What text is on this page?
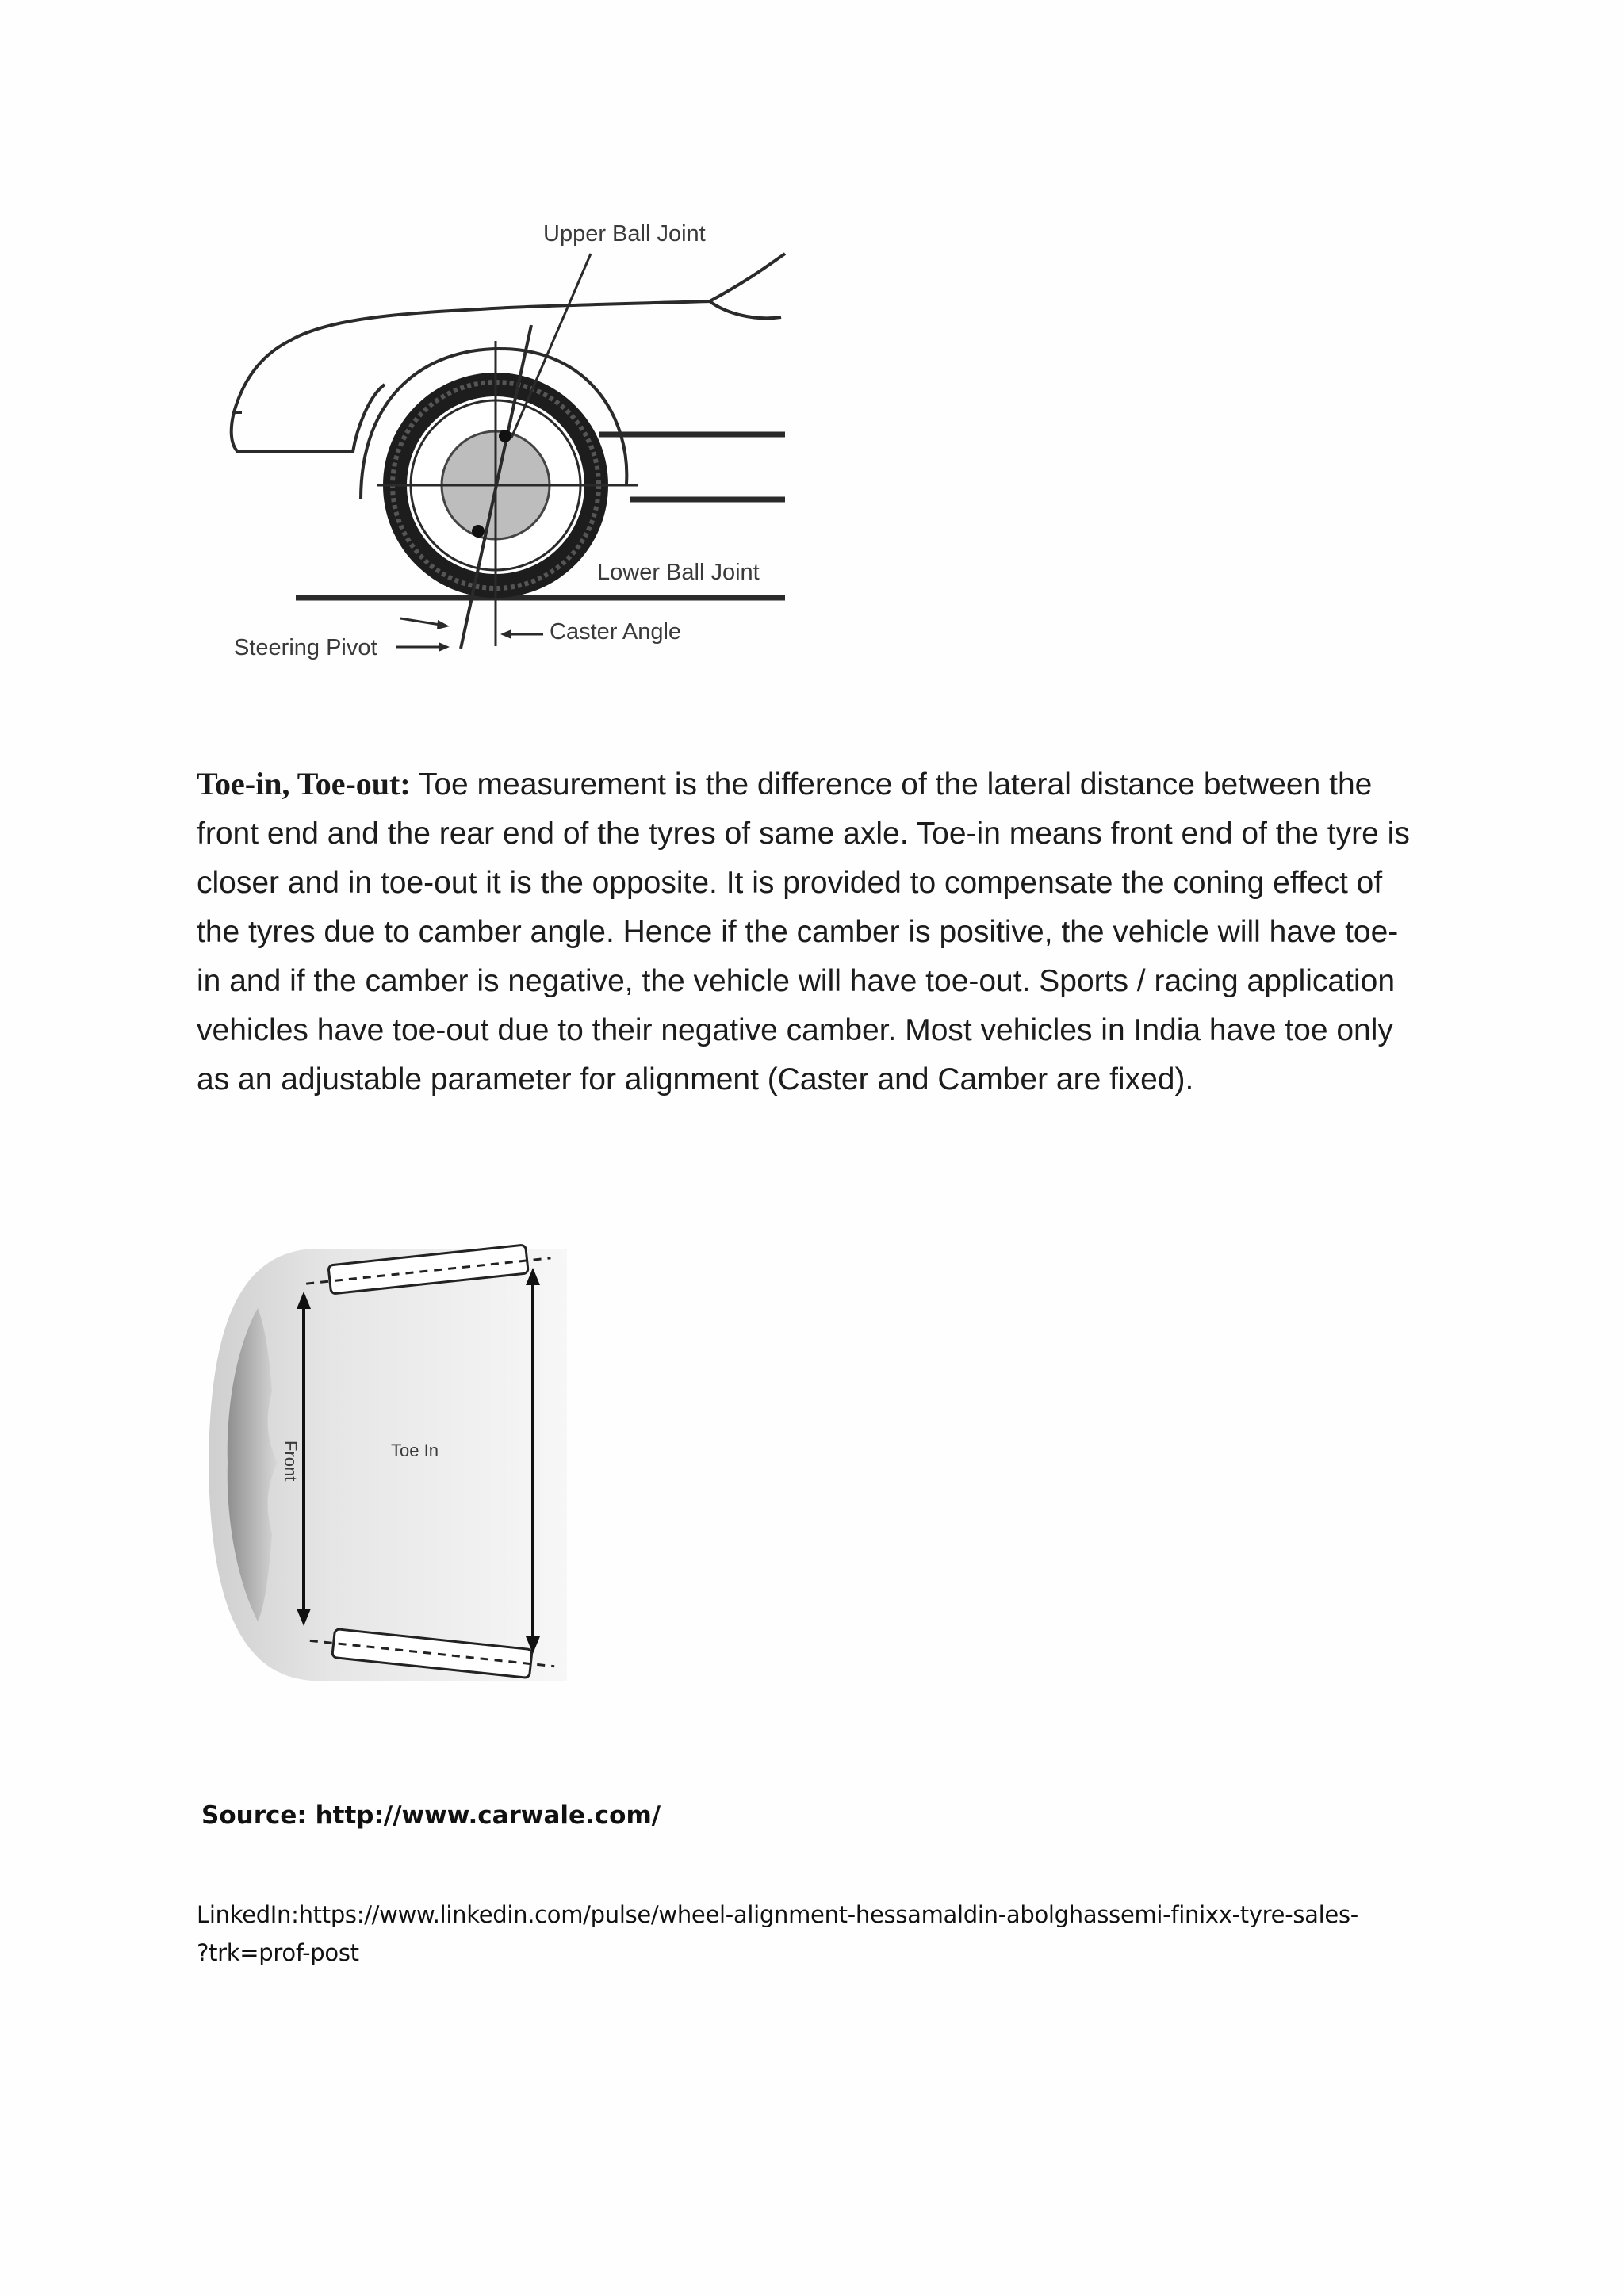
Upper Ball Joint
Lower Ball Joint
Steering Pivot
Caster Angle

Toe-in, Toe-out: Toe measurement is the difference of the lateral distance between the front end and the rear end of the tyres of same axle. Toe-in means front end of the tyre is closer and in toe-out it is the opposite. It is provided to compensate the coning effect of the tyres due to camber angle. Hence if the camber is positive, the vehicle will have toe-in and if the camber is negative, the vehicle will have toe-out. Sports / racing application vehicles have toe-out due to their negative camber. Most vehicles in India have toe only as an adjustable parameter for alignment (Caster and Camber are fixed).

Front	Toe In

Source: http://www.carwale.com/

LinkedIn:https://www.linkedin.com/pulse/wheel-alignment-hessamaldin-abolghassemi-finixx-tyre-sales-
?trk=prof-post
